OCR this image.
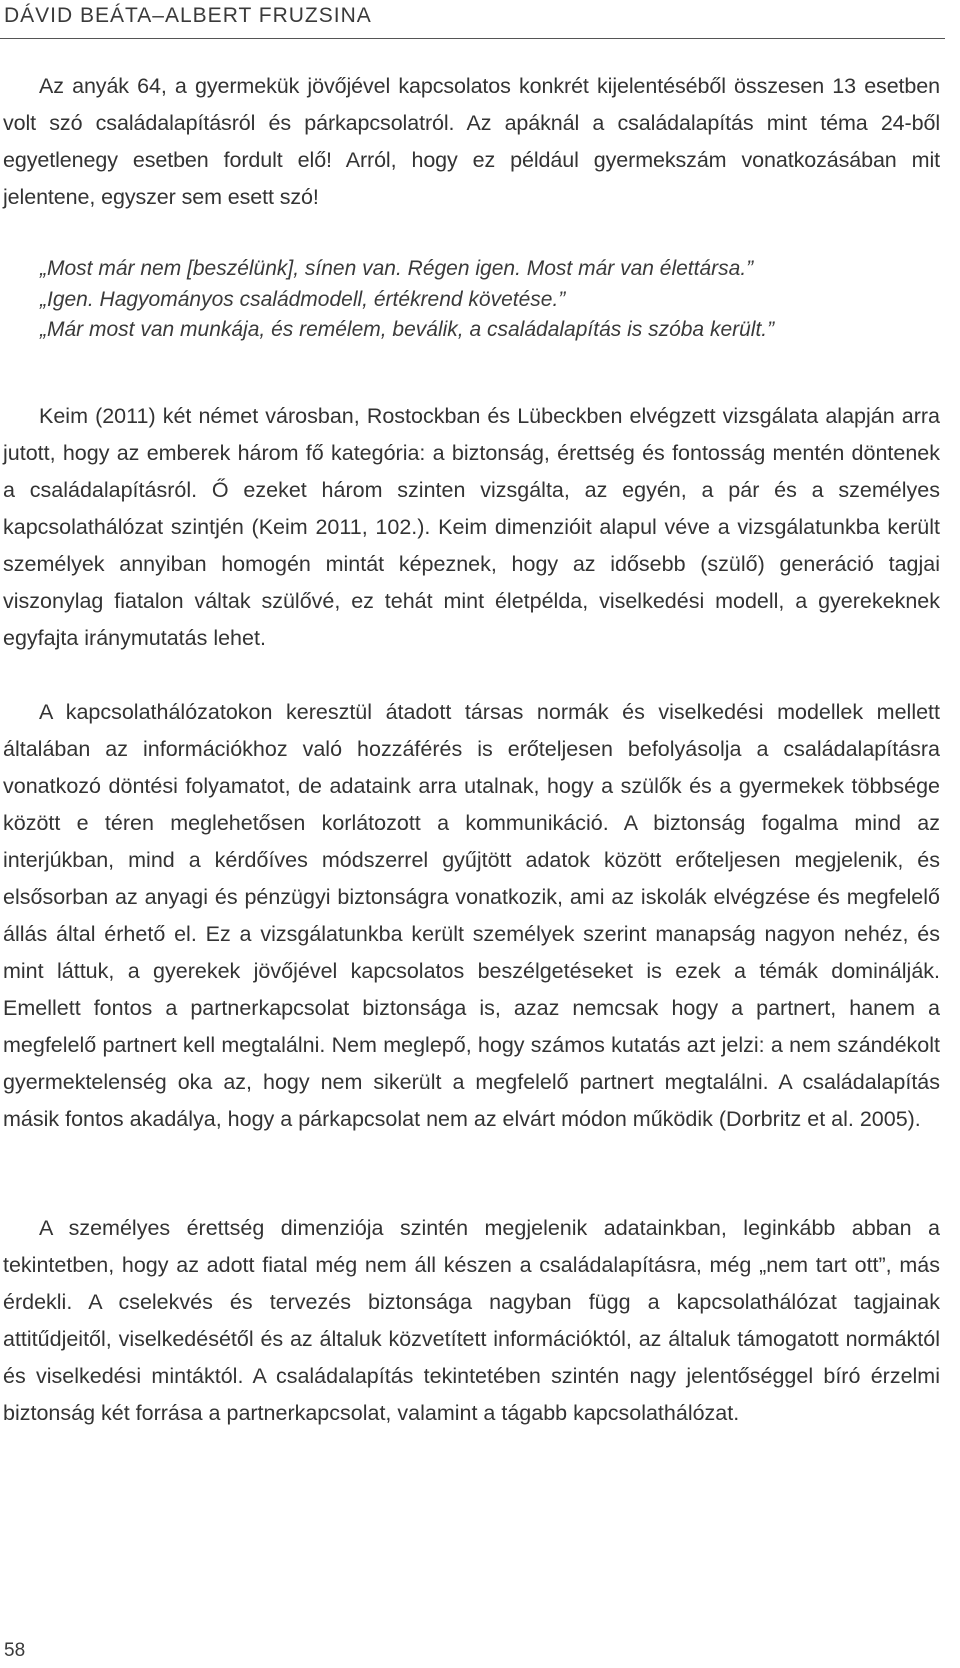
DÁVID BEÁTA–ALBERT FRUZSINA

Az anyák 64, a gyermekük jövőjével kapcsolatos konkrét kijelentéséből összesen 13 esetben volt szó családalapításról és párkapcsolatról. Az apáknál a családalapítás mint téma 24-ből egyetlenegy esetben fordult elő! Arról, hogy ez például gyermekszám vonatkozásában mit jelentene, egyszer sem esett szó!

„Most már nem [beszélünk], sínen van. Régen igen. Most már van élettársa.”
„Igen. Hagyományos családmodell, értékrend követése.”
„Már most van munkája, és remélem, beválik, a családalapítás is szóba került.”

Keim (2011) két német városban, Rostockban és Lübeckben elvégzett vizsgálata alapján arra jutott, hogy az emberek három fő kategória: a biztonság, érettség és fontosság mentén döntenek a családalapításról. Ő ezeket három szinten vizsgálta, az egyén, a pár és a személyes kapcsolathálózat szintjén (Keim 2011, 102.). Keim dimenzióit alapul véve a vizsgálatunkba került személyek annyiban homogén mintát képeznek, hogy az idősebb (szülő) generáció tagjai viszonylag fiatalon váltak szülővé, ez tehát mint életpélda, viselkedési modell, a gyerekeknek egyfajta iránymutatás lehet.

A kapcsolathálózatokon keresztül átadott társas normák és viselkedési modellek mellett általában az információkhoz való hozzáférés is erőteljesen befolyásolja a családalapításra vonatkozó döntési folyamatot, de adataink arra utalnak, hogy a szülők és a gyermekek többsége között e téren meglehetősen korlátozott a kommunikáció. A biztonság fogalma mind az interjúkban, mind a kérdőíves módszerrel gyűjtött adatok között erőteljesen megjelenik, és elsősorban az anyagi és pénzügyi biztonságra vonatkozik, ami az iskolák elvégzése és megfelelő állás által érhető el. Ez a vizsgálatunkba került személyek szerint manapság nagyon nehéz, és mint láttuk, a gyerekek jövőjével kapcsolatos beszélgetéseket is ezek a témák dominálják. Emellett fontos a partnerkapcsolat biztonsága is, azaz nemcsak hogy a partnert, hanem a megfelelő partnert kell megtalálni. Nem meglepő, hogy számos kutatás azt jelzi: a nem szándékolt gyermektelenség oka az, hogy nem sikerült a megfelelő partnert megtalálni. A családalapítás másik fontos akadálya, hogy a párkapcsolat nem az elvárt módon működik (Dorbritz et al. 2005).

A személyes érettség dimenziója szintén megjelenik adatainkban, leginkább abban a tekintetben, hogy az adott fiatal még nem áll készen a családalapításra, még „nem tart ott”, más érdekli. A cselekvés és tervezés biztonsága nagyban függ a kapcsolathálózat tagjainak attitűdjeitől, viselkedésétől és az általuk közvetített információktól, az általuk támogatott normáktól és viselkedési mintáktól. A családalapítás tekintetében szintén nagy jelentőséggel bíró érzelmi biztonság két forrása a partnerkapcsolat, valamint a tágabb kapcsolathálózat.

58
